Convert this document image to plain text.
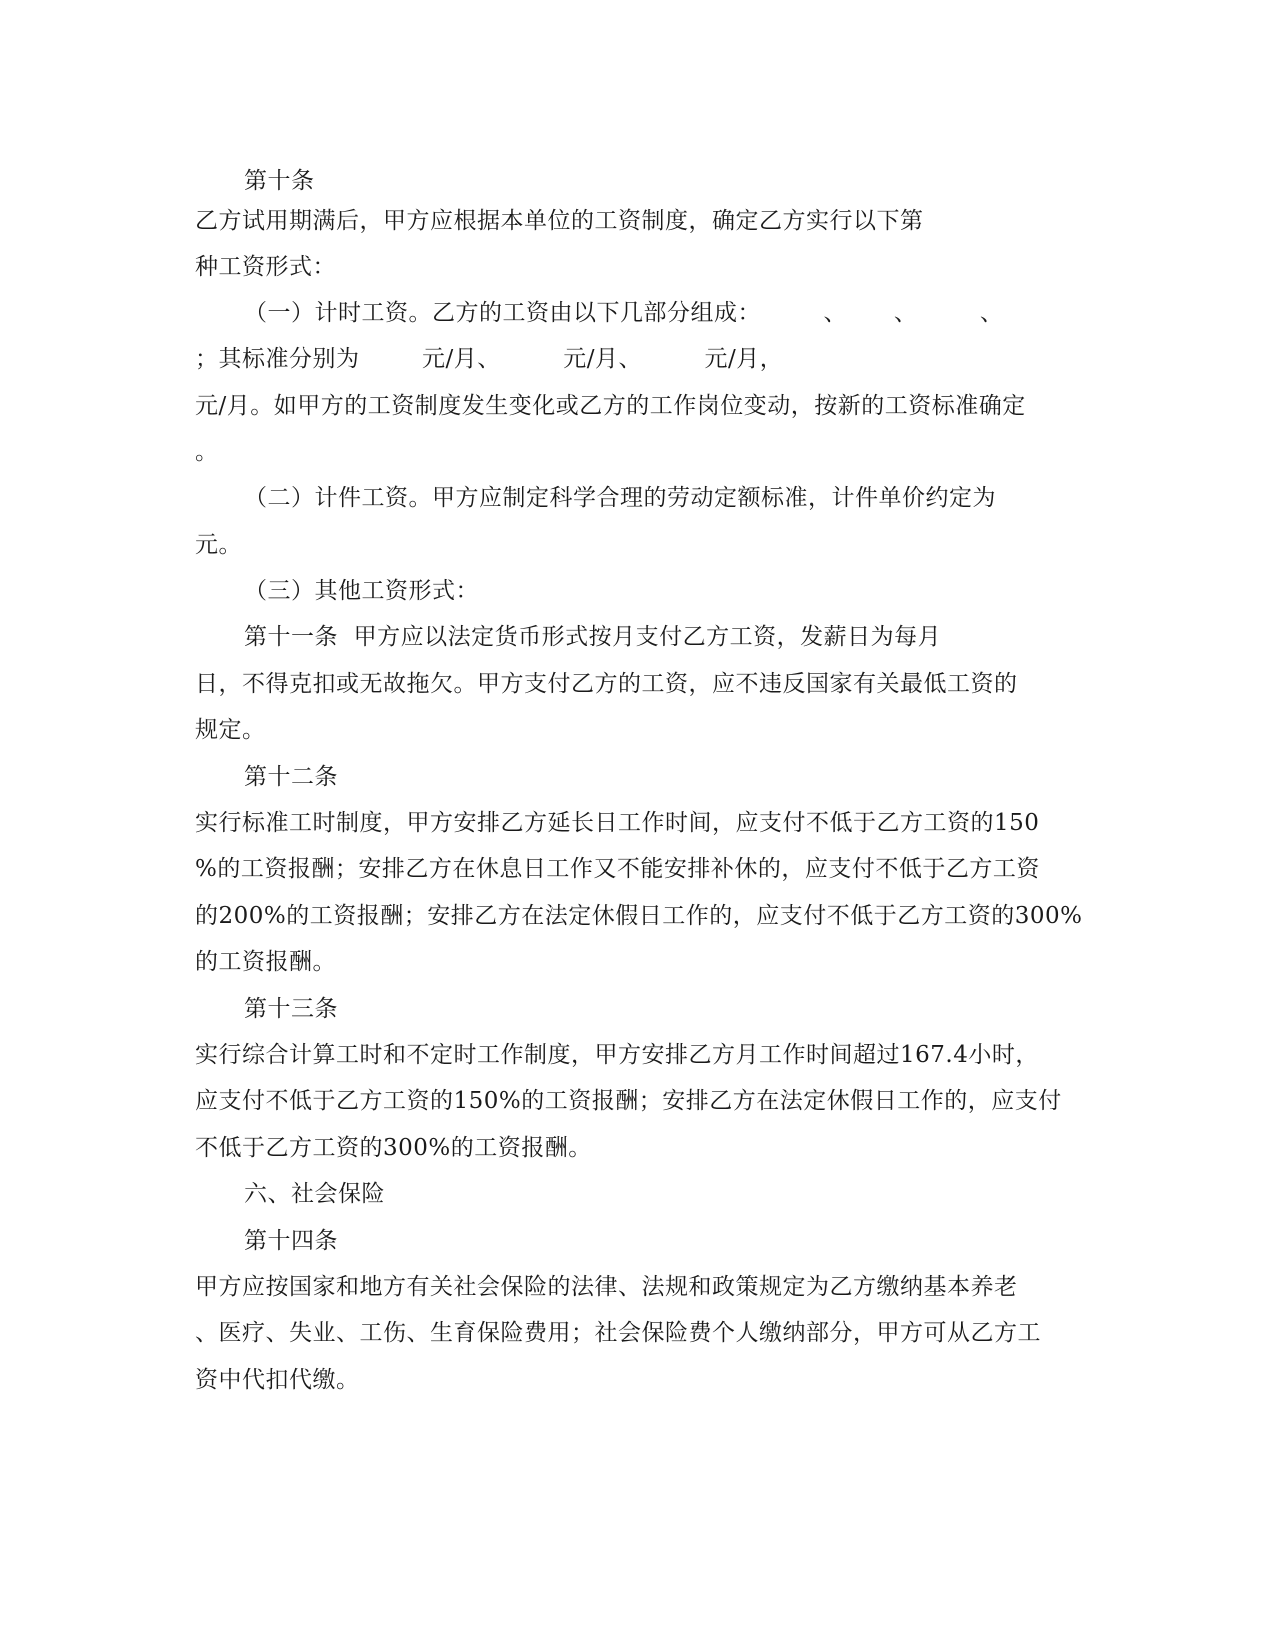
第十条
乙方试用期满后，甲方应根据本单位的工资制度，确定乙方实行以下第
种工资形式：
（一）计时工资。乙方的工资由以下几部分组成：        、      、        、
；其标准分别为        元/月、        元/月、        元/月，
元/月。如甲方的工资制度发生变化或乙方的工作岗位变动，按新的工资标准确定
。
（二）计件工资。甲方应制定科学合理的劳动定额标准，计件单价约定为
元。
（三）其他工资形式：
第十一条  甲方应以法定货币形式按月支付乙方工资，发薪日为每月
日，不得克扣或无故拖欠。甲方支付乙方的工资，应不违反国家有关最低工资的
规定。
第十二条
实行标准工时制度，甲方安排乙方延长日工作时间，应支付不低于乙方工资的150
%的工资报酬；安排乙方在休息日工作又不能安排补休的，应支付不低于乙方工资
的200%的工资报酬；安排乙方在法定休假日工作的，应支付不低于乙方工资的300%
的工资报酬。
第十三条
实行综合计算工时和不定时工作制度，甲方安排乙方月工作时间超过167.4小时，
应支付不低于乙方工资的150%的工资报酬；安排乙方在法定休假日工作的，应支付
不低于乙方工资的300%的工资报酬。
六、社会保险
第十四条
甲方应按国家和地方有关社会保险的法律、法规和政策规定为乙方缴纳基本养老
、医疗、失业、工伤、生育保险费用；社会保险费个人缴纳部分，甲方可从乙方工
资中代扣代缴。
